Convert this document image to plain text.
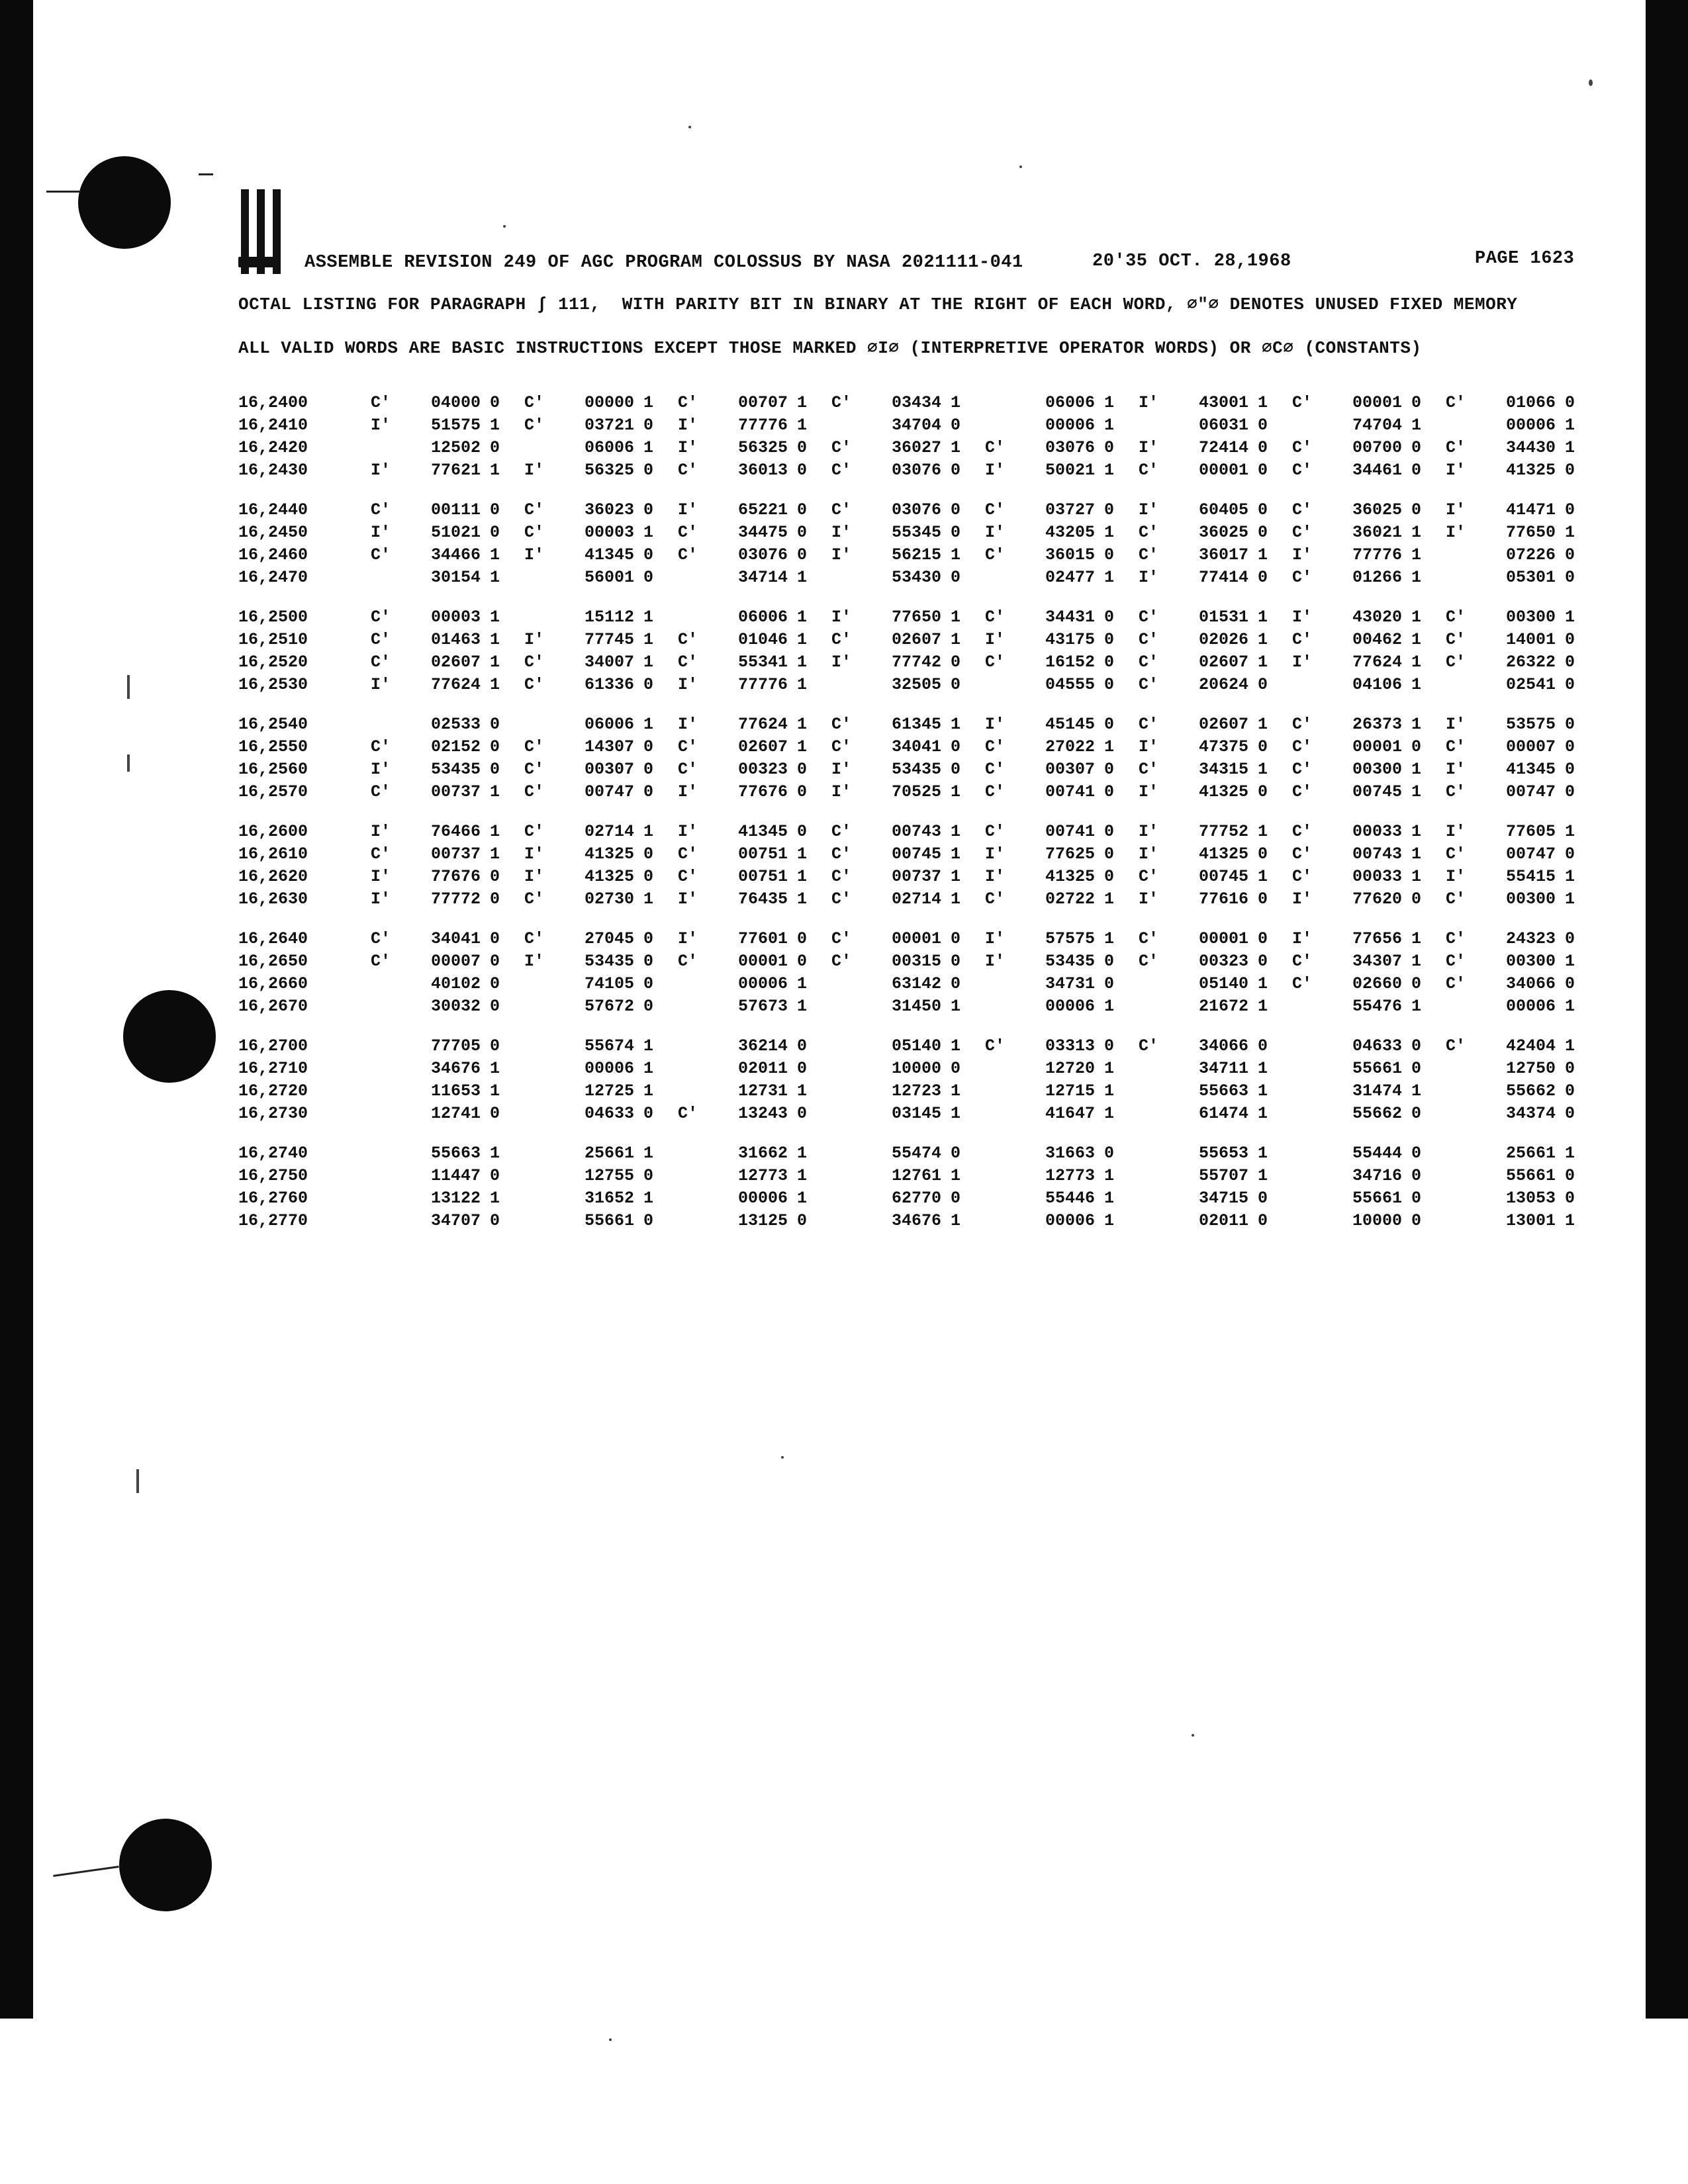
ASSEMBLE REVISION 249 OF AGC PROGRAM COLOSSUS BY NASA 2021111-041	20'35 OCT. 28,1968	PAGE 1623
OCTAL LISTING FOR PARAGRAPH ∫ 111,  WITH PARITY BIT IN BINARY AT THE RIGHT OF EACH WORD, ∅"∅ DENOTES UNUSED FIXED MEMORY
ALL VALID WORDS ARE BASIC INSTRUCTIONS EXCEPT THOSE MARKED ∅I∅ (INTERPRETIVE OPERATOR WORDS) OR ∅C∅ (CONSTANTS)
16,2400	C'	04000 0	C'	00000 1	C'	00707 1	C'	03434 1	06006 1	I'	43001 1	C'	00001 0	C'	01066 0
16,2410	I'	51575 1	C'	03721 0	I'	77776 1	34704 0	00006 1	06031 0	74704 1	00006 1
16,2420	12502 0	06006 1	I'	56325 0	C'	36027 1	C'	03076 0	I'	72414 0	C'	00700 0	C'	34430 1
16,2430	I'	77621 1	I'	56325 0	C'	36013 0	C'	03076 0	I'	50021 1	C'	00001 0	C'	34461 0	I'	41325 0
16,2440	C'	00111 0	C'	36023 0	I'	65221 0	C'	03076 0	C'	03727 0	I'	60405 0	C'	36025 0	I'	41471 0
16,2450	I'	51021 0	C'	00003 1	C'	34475 0	I'	55345 0	I'	43205 1	C'	36025 0	C'	36021 1	I'	77650 1
16,2460	C'	34466 1	I'	41345 0	C'	03076 0	I'	56215 1	C'	36015 0	C'	36017 1	I'	77776 1	07226 0
16,2470	30154 1	56001 0	34714 1	53430 0	02477 1	I'	77414 0	C'	01266 1	05301 0
16,2500	C'	00003 1	15112 1	06006 1	I'	77650 1	C'	34431 0	C'	01531 1	I'	43020 1	C'	00300 1
16,2510	C'	01463 1	I'	77745 1	C'	01046 1	C'	02607 1	I'	43175 0	C'	02026 1	C'	00462 1	C'	14001 0
16,2520	C'	02607 1	C'	34007 1	C'	55341 1	I'	77742 0	C'	16152 0	C'	02607 1	I'	77624 1	C'	26322 0
16,2530	I'	77624 1	C'	61336 0	I'	77776 1	32505 0	04555 0	C'	20624 0	04106 1	02541 0
16,2540	02533 0	06006 1	I'	77624 1	C'	61345 1	I'	45145 0	C'	02607 1	C'	26373 1	I'	53575 0
16,2550	C'	02152 0	C'	14307 0	C'	02607 1	C'	34041 0	C'	27022 1	I'	47375 0	C'	00001 0	C'	00007 0
16,2560	I'	53435 0	C'	00307 0	C'	00323 0	I'	53435 0	C'	00307 0	C'	34315 1	C'	00300 1	I'	41345 0
16,2570	C'	00737 1	C'	00747 0	I'	77676 0	I'	70525 1	C'	00741 0	I'	41325 0	C'	00745 1	C'	00747 0
16,2600	I'	76466 1	C'	02714 1	I'	41345 0	C'	00743 1	C'	00741 0	I'	77752 1	C'	00033 1	I'	77605 1
16,2610	C'	00737 1	I'	41325 0	C'	00751 1	C'	00745 1	I'	77625 0	I'	41325 0	C'	00743 1	C'	00747 0
16,2620	I'	77676 0	I'	41325 0	C'	00751 1	C'	00737 1	I'	41325 0	C'	00745 1	C'	00033 1	I'	55415 1
16,2630	I'	77772 0	C'	02730 1	I'	76435 1	C'	02714 1	C'	02722 1	I'	77616 0	I'	77620 0	C'	00300 1
16,2640	C'	34041 0	C'	27045 0	I'	77601 0	C'	00001 0	I'	57575 1	C'	00001 0	I'	77656 1	C'	24323 0
16,2650	C'	00007 0	I'	53435 0	C'	00001 0	C'	00315 0	I'	53435 0	C'	00323 0	C'	34307 1	C'	00300 1
16,2660	40102 0	74105 0	00006 1	63142 0	34731 0	05140 1	C'	02660 0	C'	34066 0
16,2670	30032 0	57672 0	57673 1	31450 1	00006 1	21672 1	55476 1	00006 1
16,2700	77705 0	55674 1	36214 0	05140 1	C'	03313 0	C'	34066 0	04633 0	C'	42404 1
16,2710	34676 1	00006 1	02011 0	10000 0	12720 1	34711 1	55661 0	12750 0
16,2720	11653 1	12725 1	12731 1	12723 1	12715 1	55663 1	31474 1	55662 0
16,2730	12741 0	04633 0	C'	13243 0	03145 1	41647 1	61474 1	55662 0	34374 0
16,2740	55663 1	25661 1	31662 1	55474 0	31663 0	55653 1	55444 0	25661 1
16,2750	11447 0	12755 0	12773 1	12761 1	12773 1	55707 1	34716 0	55661 0
16,2760	13122 1	31652 1	00006 1	62770 0	55446 1	34715 0	55661 0	13053 0
16,2770	34707 0	55661 0	13125 0	34676 1	00006 1	02011 0	10000 0	13001 1
